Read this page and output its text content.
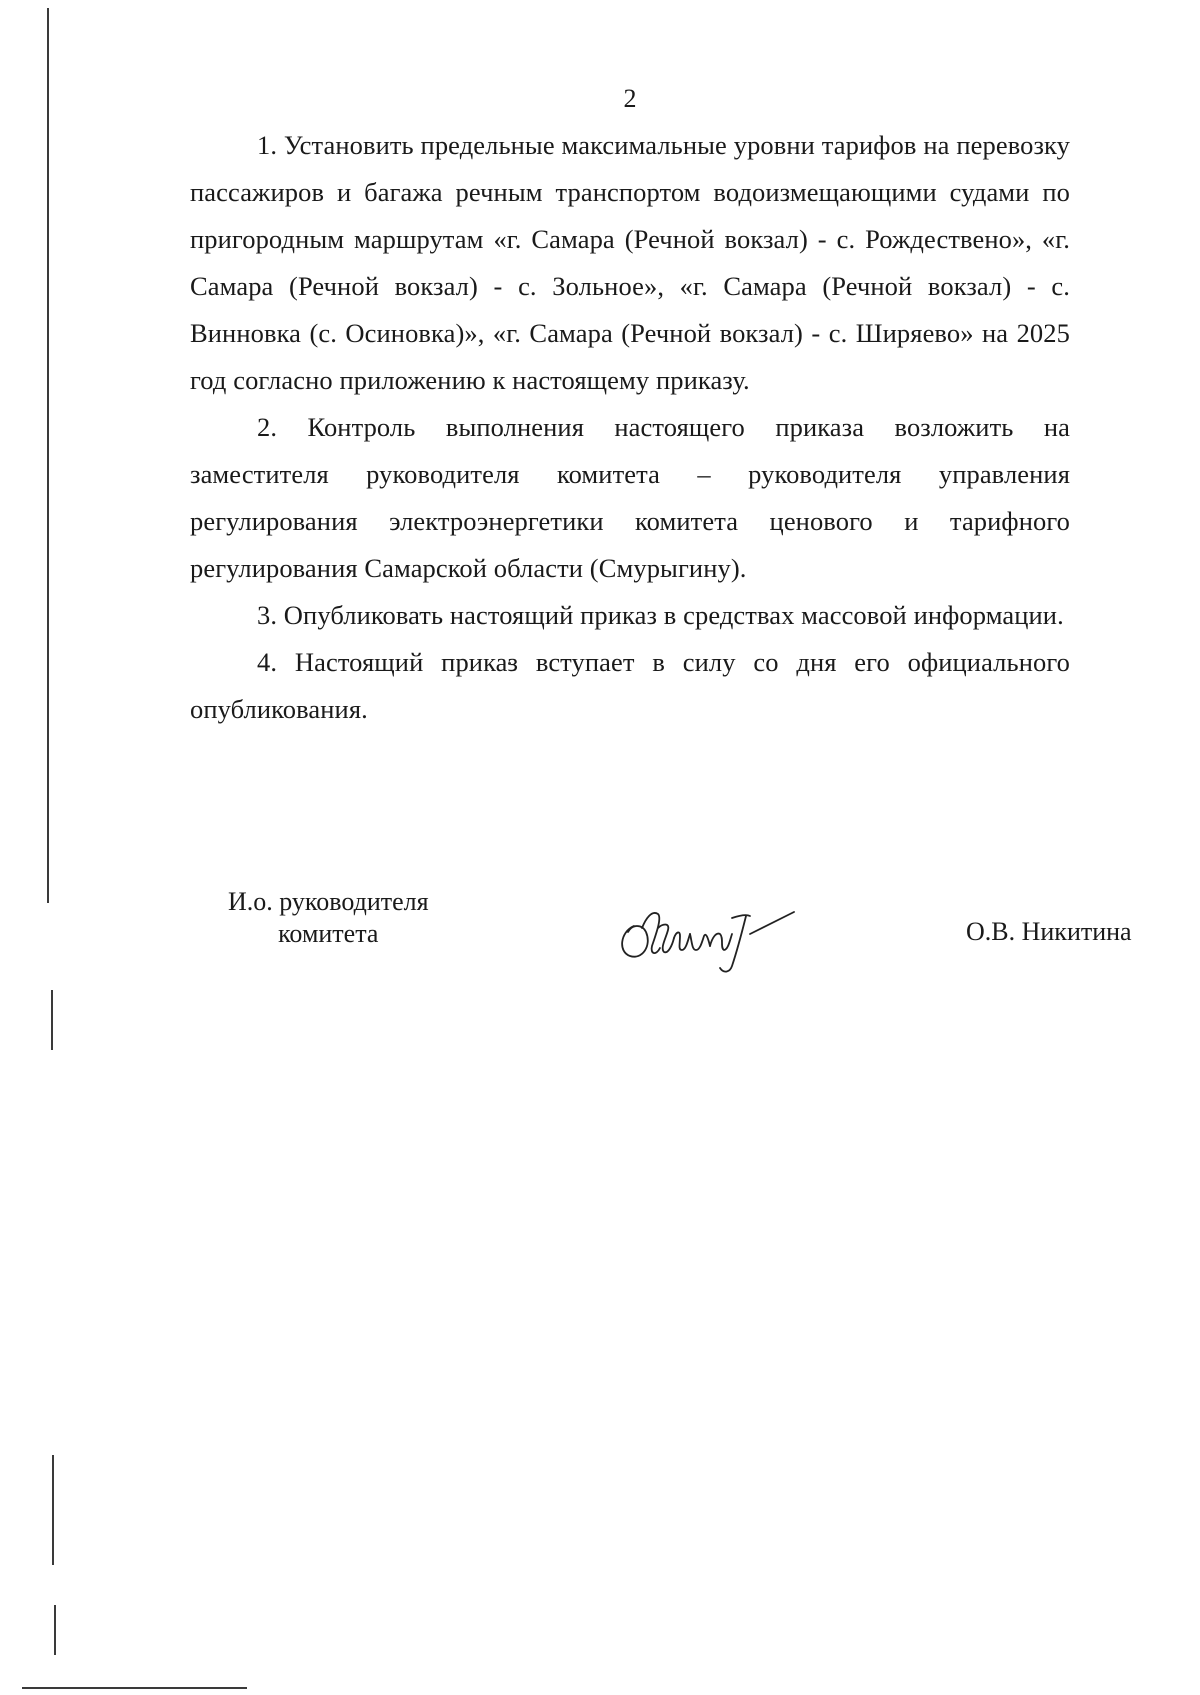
2

1. Установить предельные максимальные уровни тарифов на перевозку пассажиров и багажа речным транспортом водоизмещающими судами по пригородным маршрутам «г. Самара (Речной вокзал) - с. Рождествено», «г. Самара (Речной вокзал) - с. Зольное», «г. Самара (Речной вокзал) - с. Винновка (с. Осиновка)», «г. Самара (Речной вокзал) - с. Ширяево» на 2025 год согласно приложению к настоящему приказу.

2. Контроль выполнения настоящего приказа возложить на заместителя руководителя комитета – руководителя управления регулирования электроэнергетики комитета ценового и тарифного регулирования Самарской области (Смурыгину).

3. Опубликовать настоящий приказ в средствах массовой информации.

4. Настоящий приказ вступает в силу со дня его официального опубликования.

И.о. руководителя
комитета	О.В. Никитина
